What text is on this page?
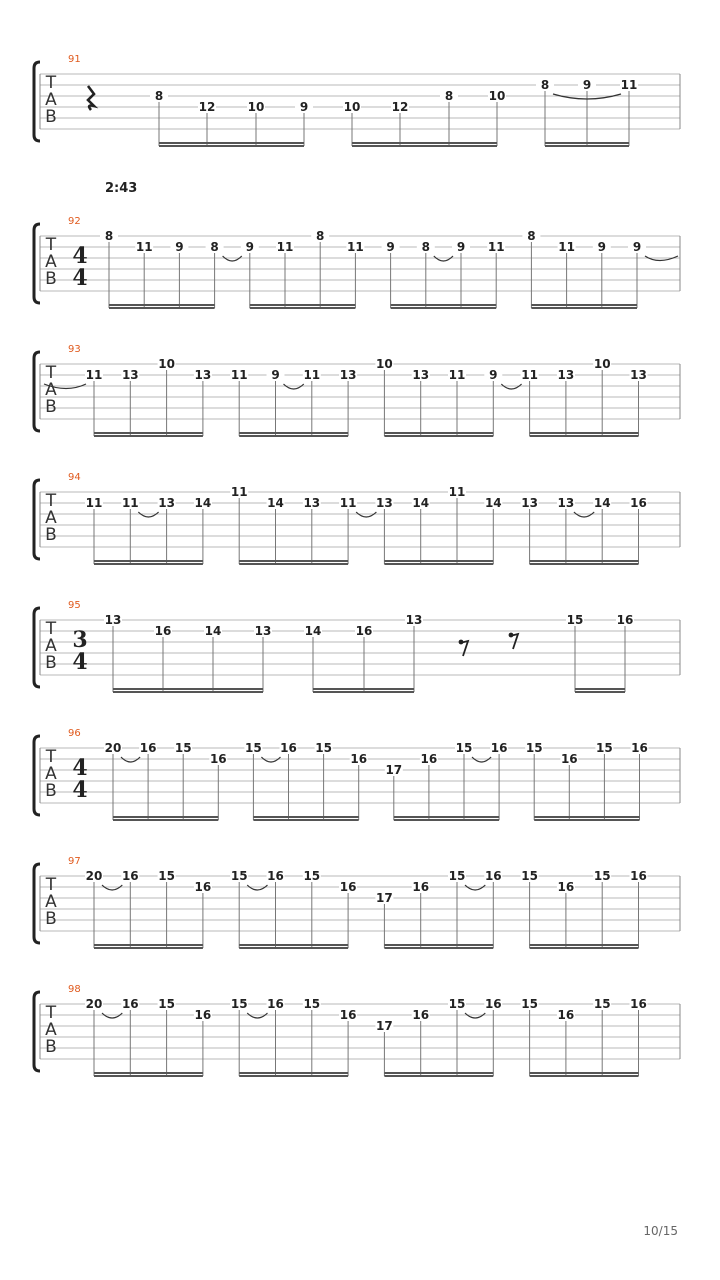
T
A
B
91
8
12	10	9	10	12
8	10
8	9 11
T
A
B
92
4
4
8
11 9 8 9 11
8
11 9 8 9 11
8
11 9 9
T
A
B
93
11 13
10
13 11 9 11 13
10
13 11 9 11 13
10
13
T
A
B
94
11 11 13 14
11
14 13 11 13 14
11
14 13 13 14 16
T
A
B
95
3
4
13
16	14	13	14	16
13	15	16
T
A
B
96
4
4
20 16 15
16
15 16 15
16
17
16
15 16 15
16
15 16
T
A
B
97
20 16 15
16
15 16 15
16
17
16
15 16 15
16
15 16
T
A
B
98
20 16 15
16
15 16 15
16
17
16
15 16 15
16
15 16
2:43
10/15
